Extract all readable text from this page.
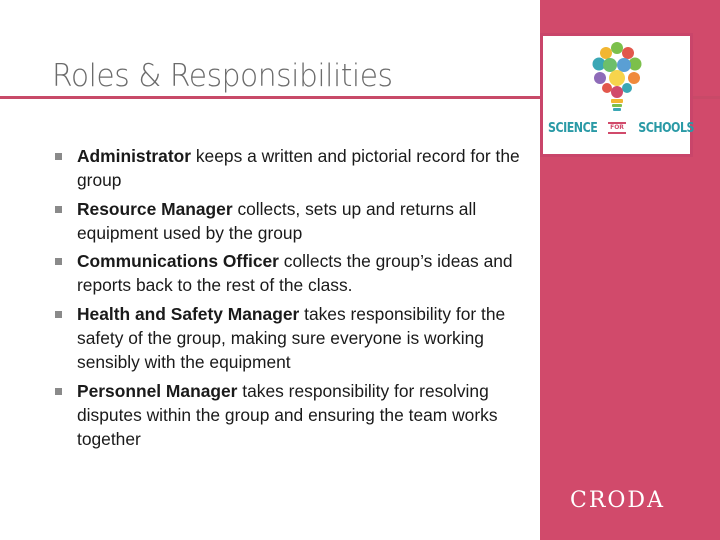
Roles & Responsibilities
SCIENCE	FOR SCHOOLS
Administrator keeps a written and pictorial record for the group
Resource Manager collects, sets up and returns all equipment used by the group
Communications Officer collects the group’s ideas and reports back to the rest of the class.
Health and Safety Manager takes responsibility for the safety of the group, making sure everyone is working sensibly with the equipment
Personnel Manager takes responsibility for resolving disputes within the group and ensuring the team works together
CRODA
